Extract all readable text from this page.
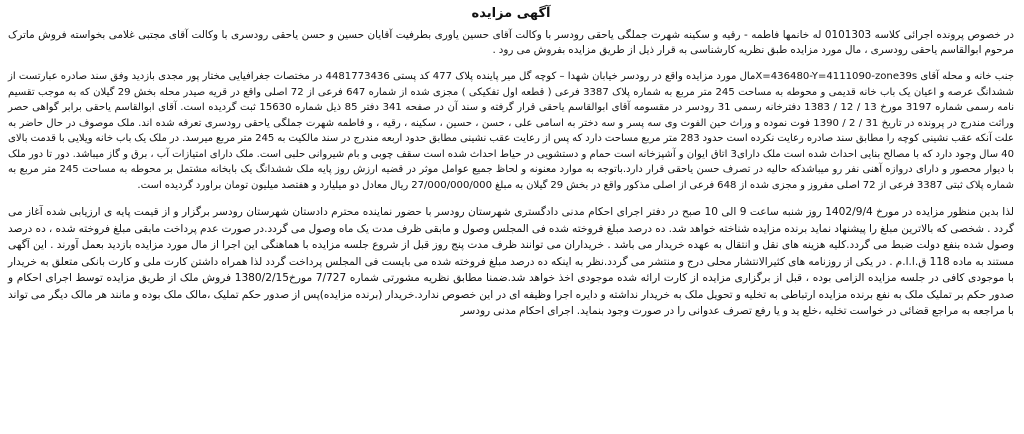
آگهی مزایده

در خصوص پرونده اجرائی کلاسه 0101303 له خانمها فاطمه - رقیه و سکینه شهرت جملگی یاحقی رودسر با وکالت آقای حسین یاوری بطرفیت آقایان حسین و حسن یاحقی رودسری با وکالت آقای مجتبی غلامی بخواسته فروش ماترک مرحوم ابوالقاسم یاحقی رودسری ، مال مورد مزایده طبق نظریه کارشناسی به قرار ذیل از طریق مزایده بفروش می رود .

جنب خانه و محله آقای X=436480-Y=4111090-zone39sمال مورد مزایده واقع در رودسر خیابان شهدا – کوچه گل میر پاینده پلاک 477 کد پستی 4481773436 در مختصات جغرافیایی مختار پور مجدی بازدید وفق سند صادره عبارتست از ششدانگ عرصه و اعیان یک باب خانه قدیمی و محوطه به مساحت 245 متر مربع به شماره پلاک 3387 فرعی ( قطعه اول تفکیکی ) مجزی شده از شماره 647 فرعی از 72 اصلی واقع در قریه صیدر محله بخش 29 گیلان که به موجب تقسیم نامه رسمی شماره 3197 مورخ 13 / 12 / 1383 دفترخانه رسمی 31 رودسر در مقسومه آقای ابوالقاسم یاحقی قرار گرفته و سند آن در صفحه 341 دفتر 85 ذیل شماره 15630 ثبت گردیده است. آقای ابوالقاسم یاحقی برابر گواهی حصر وراثت مندرج در پرونده در تاریخ 31 / 2 / 1390 فوت نموده و وراث حین الفوت وی سه پسر و سه دختر به اسامی علی ، حسن ، حسین ، سکینه ، رقیه ، و فاطمه شهرت جملگی یاحقی رودسری تعرفه شده اند. ملک موصوف در حال حاضر به علت آنکه عقب نشینی کوچه را مطابق سند صادره رعایت نکرده است حدود 283 متر مربع مساحت دارد که پس از رعایت عقب نشینی مطابق حدود اربعه مندرج در سند مالکیت به 245 متر مربع میرسد. در ملک یک باب خانه ویلایی با قدمت بالای 40 سال وجود دارد که با مصالح بنایی احداث شده است ملک دارای3 اتاق ایوان و آشپزخانه است حمام و دستشویی در حیاط احداث شده است سقف چوبی و بام شیروانی حلبی است. ملک دارای امتیازات آب ، برق و گاز میباشد. دور تا دور ملک با دیوار محصور و دارای دروازه آهنی نفر رو میباشدکه حالیه در تصرف حسن یاحقی قرار دارد.باتوجه به موارد معنونه و لحاظ جمیع عوامل موثر در قضیه ارزش روز پایه ملک ششدانگ یک بابخانه مشتمل بر محوطه به مساحت 245 متر مربع به شماره پلاک ثبتی 3387 فرعی از 72 اصلی مفروز و مجزی شده از 648 فرعی از اصلی مذکور واقع در بخش 29 گیلان به مبلغ 27/000/000/000 ریال معادل دو میلیارد و هفتصد میلیون تومان براورد گردیده است.

لذا بدین منظور مزایده در مورخ 1402/9/4 روز شنبه ساعت 9 الی 10 صبح در دفتر اجرای احکام مدنی دادگستری شهرستان رودسر با حضور نماینده محترم دادستان شهرستان رودسر برگزار و از قیمت پایه ی ارزیابی شده آغاز می گردد . شخصی که بالاترین مبلغ را پیشنهاد نماید برنده مزایده شناخته خواهد شد. ده درصد مبلغ فروخته شده فی المجلس وصول و مابقی ظرف مدت یک ماه وصول می گردد.در صورت عدم پرداخت مابقی مبلغ فروخته شده ، ده درصد وصول شده بنفع دولت ضبط می گردد.کلیه هزینه های نقل و انتقال به عهده خریدار می باشد . خریداران می توانند ظرف مدت پنج روز قبل از شروع جلسه مزایده با هماهنگی این اجرا از مال مورد مزایده بازدید بعمل آورند . این آگهی مستند به ماده 118 ق.ا.ا.م . در یکی از روزنامه های کثیرالانتشار محلی درج و منتشر می گردد.نظر به اینکه ده درصد مبلغ فروخته شده می بایست فی المجلس پرداخت گردد لذا همراه داشتن کارت ملی و کارت بانکی متعلق به خریدار با موجودی کافی در جلسه مزایده الزامی بوده ، قبل از برگزاری مزایده از کارت ارائه شده موجودی اخذ خواهد شد.ضمنا مطابق نظریه مشورتی شماره 7/727 مورخ1380/2/15 فروش ملک از طریق مزایده توسط اجرای احکام و صدور حکم بر تملیک ملک به نفع برنده مزایده ارتباطی به تخلیه و تحویل ملک به خریدار نداشته و دایره اجرا وظیفه ای در این خصوص ندارد.خریدار (برنده مزایده)پس از صدور حکم تملیک ،مالک ملک بوده و مانند هر مالک دیگر می تواند با مراجعه به مراجع قضائی در خواست تخلیه ،خلع ید و یا رفع تصرف عدوانی را در صورت وجود بنماید. اجرای احکام مدنی رودسر
